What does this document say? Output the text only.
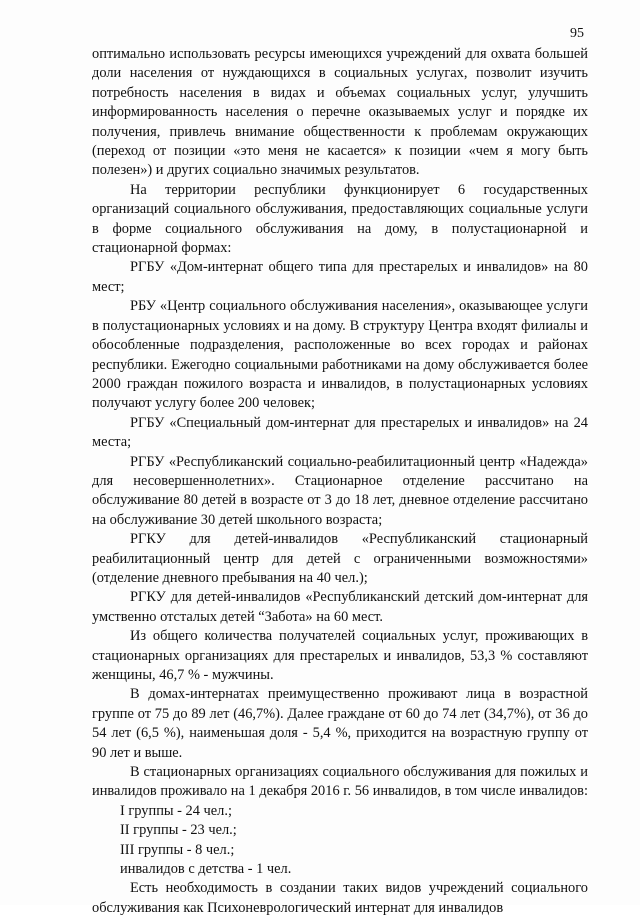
95

оптимально использовать ресурсы имеющихся учреждений для охвата большей доли населения от нуждающихся в социальных услугах, позволит изучить потребность населения в видах и объемах социальных услуг, улучшить информированность населения о перечне оказываемых услуг и порядке их получения, привлечь внимание общественности к проблемам окружающих (переход от позиции «это меня не касается» к позиции «чем я могу быть полезен») и других социально значимых результатов.

На территории республики функционирует 6 государственных организаций социального обслуживания, предоставляющих социальные услуги в форме социального обслуживания на дому, в полустационарной и стационарной формах:

РГБУ «Дом-интернат общего типа для престарелых и инвалидов» на 80 мест;

РБУ «Центр социального обслуживания населения», оказывающее услуги в полустационарных условиях и на дому. В структуру Центра входят филиалы и обособленные подразделения, расположенные во всех городах и районах республики. Ежегодно социальными работниками на дому обслуживается более 2000 граждан пожилого возраста и инвалидов, в полустационарных условиях получают услугу более 200 человек;

РГБУ «Специальный дом-интернат для престарелых и инвалидов» на 24 места;

РГБУ «Республиканский социально-реабилитационный центр «Надежда» для несовершеннолетних». Стационарное отделение рассчитано на обслуживание 80 детей в возрасте от 3 до 18 лет, дневное отделение рассчитано на обслуживание 30 детей школьного возраста;

РГКУ для детей-инвалидов «Республиканский стационарный реабилитационный центр для детей с ограниченными возможностями» (отделение дневного пребывания на 40 чел.);

РГКУ для детей-инвалидов «Республиканский детский дом-интернат для умственно отсталых детей “Забота» на 60 мест.

Из общего количества получателей социальных услуг, проживающих в стационарных организациях для престарелых и инвалидов, 53,3 % составляют женщины, 46,7 % - мужчины.

В домах-интернатах преимущественно проживают лица в возрастной группе от 75 до 89 лет (46,7%). Далее граждане от 60 до 74 лет (34,7%), от 36 до 54 лет (6,5 %), наименьшая доля - 5,4 %, приходится на возрастную группу от 90 лет и выше.

В стационарных организациях социального обслуживания для пожилых и инвалидов проживало на 1 декабря 2016 г. 56 инвалидов, в том числе инвалидов:

I группы - 24 чел.;

II группы - 23 чел.;

III группы - 8 чел.;

инвалидов с детства - 1 чел.

Есть необходимость в создании таких видов учреждений социального обслуживания как Психоневрологический интернат для инвалидов
